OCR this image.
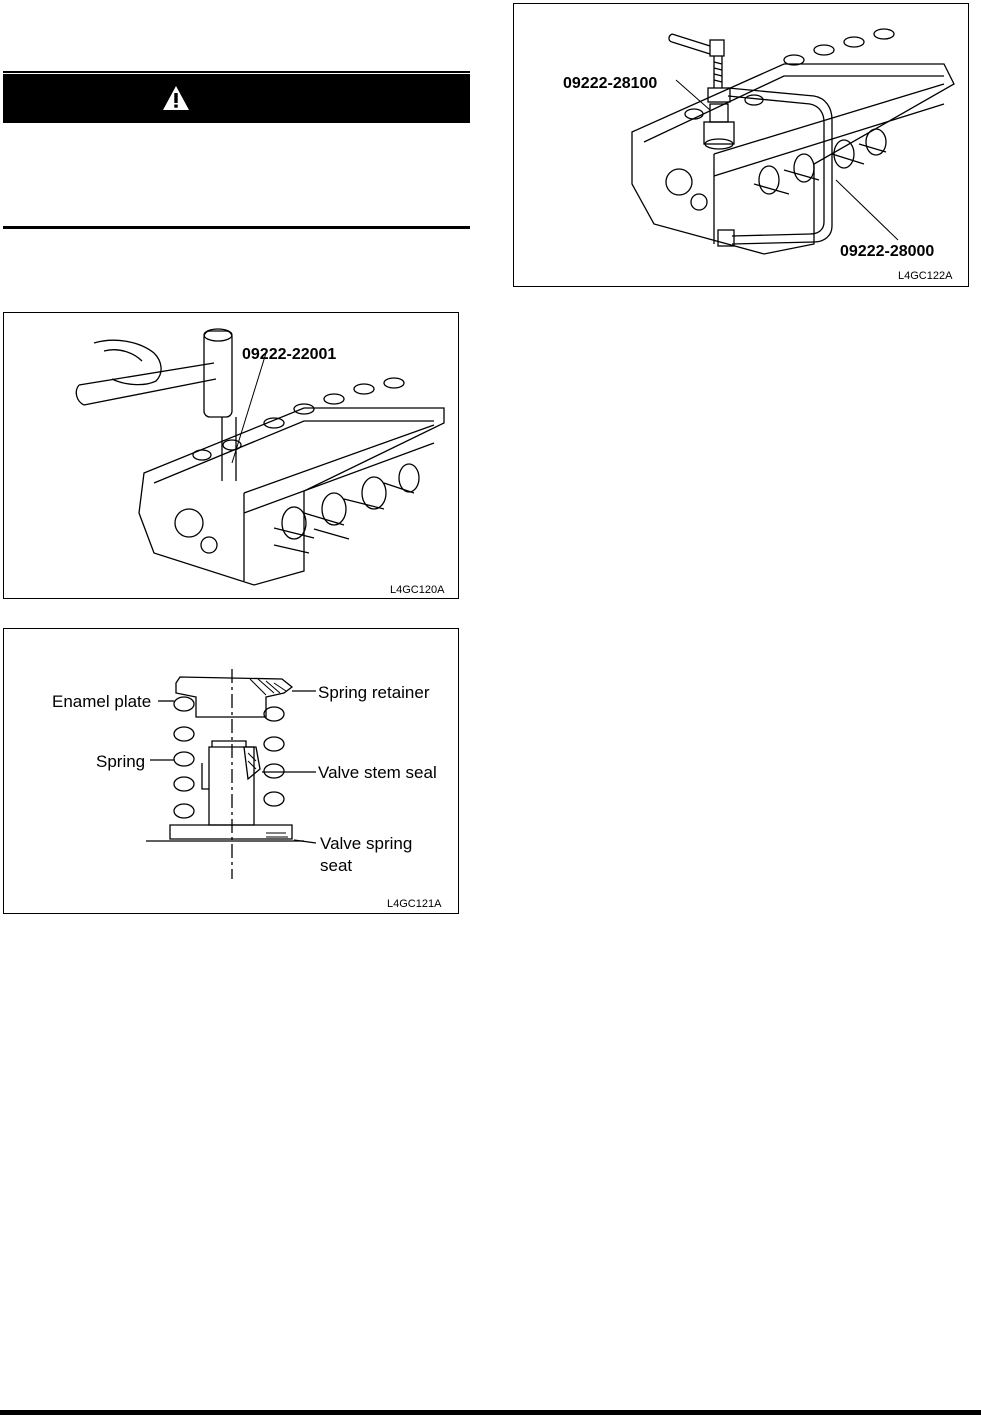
09222-22001
L4GC120A
Enamel plate	Spring retainer
Spring
Valve stem seal
Valve spring
seat
L4GC121A
09222-28100
09222-28000
L4GC122A
